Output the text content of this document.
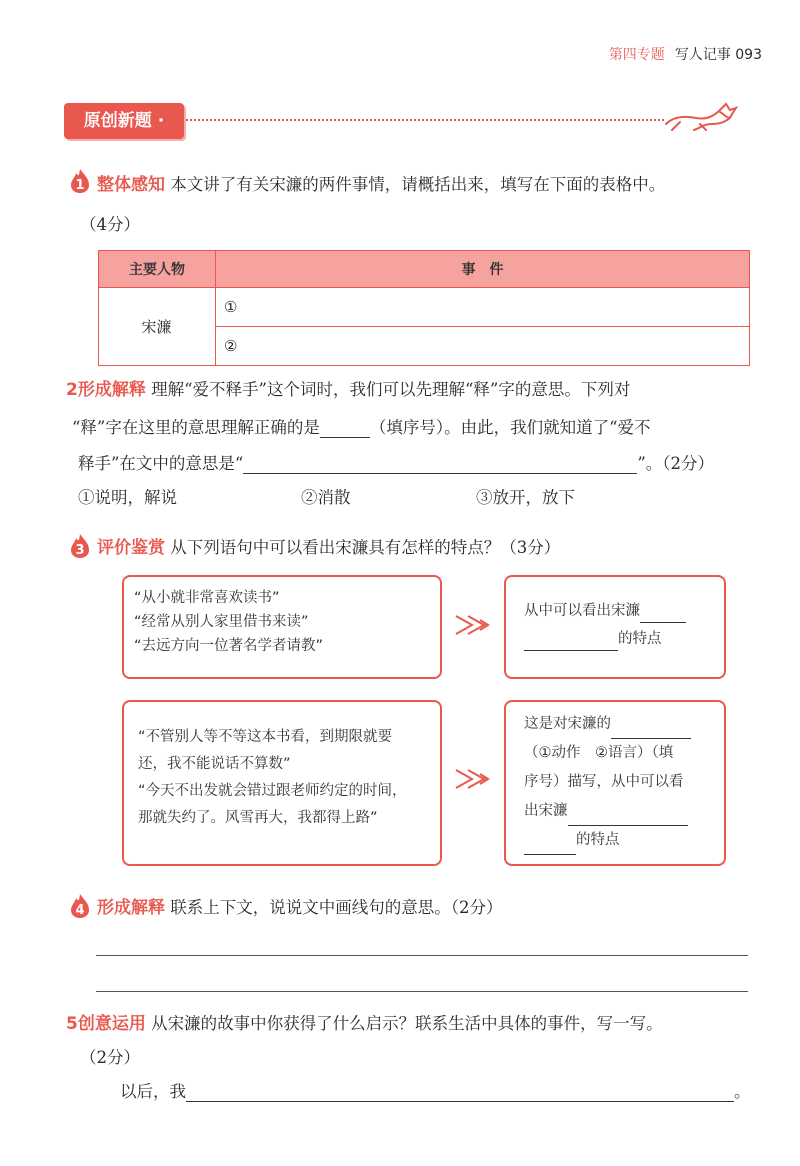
第四专题 写人记事 093
原创新题 ·
1 整体感知 本文讲了有关宋濂的两件事情，请概括出来，填写在下面的表格中。
（4分）
主要人物	事　件
宋濂	①
	②
2形成解释 理解“爱不释手”这个词时，我们可以先理解“释”字的意思。下列对
“释”字在这里的意思理解正确的是	（填序号）。由此，我们就知道了“爱不
释手”在文中的意思是“	”。（2分）
①说明，解说	②消散	③放开，放下
3 评价鉴赏 从下列语句中可以看出宋濂具有怎样的特点？（3分）
“从小就非常喜欢读书”
“经常从别人家里借书来读”
“去远方向一位著名学者请教”
从中可以看出宋濂
的特点
“不管别人等不等这本书看，到期限就要
还，我不能说话不算数”
“今天不出发就会错过跟老师约定的时间，
那就失约了。风雪再大，我都得上路”
这是对宋濂的
（①动作　②语言）（填
序号）描写，从中可以看
出宋濂
的特点
4 形成解释 联系上下文，说说文中画线句的意思。（2分）
5创意运用 从宋濂的故事中你获得了什么启示？联系生活中具体的事件，写一写。
（2分）
以后，我	。
